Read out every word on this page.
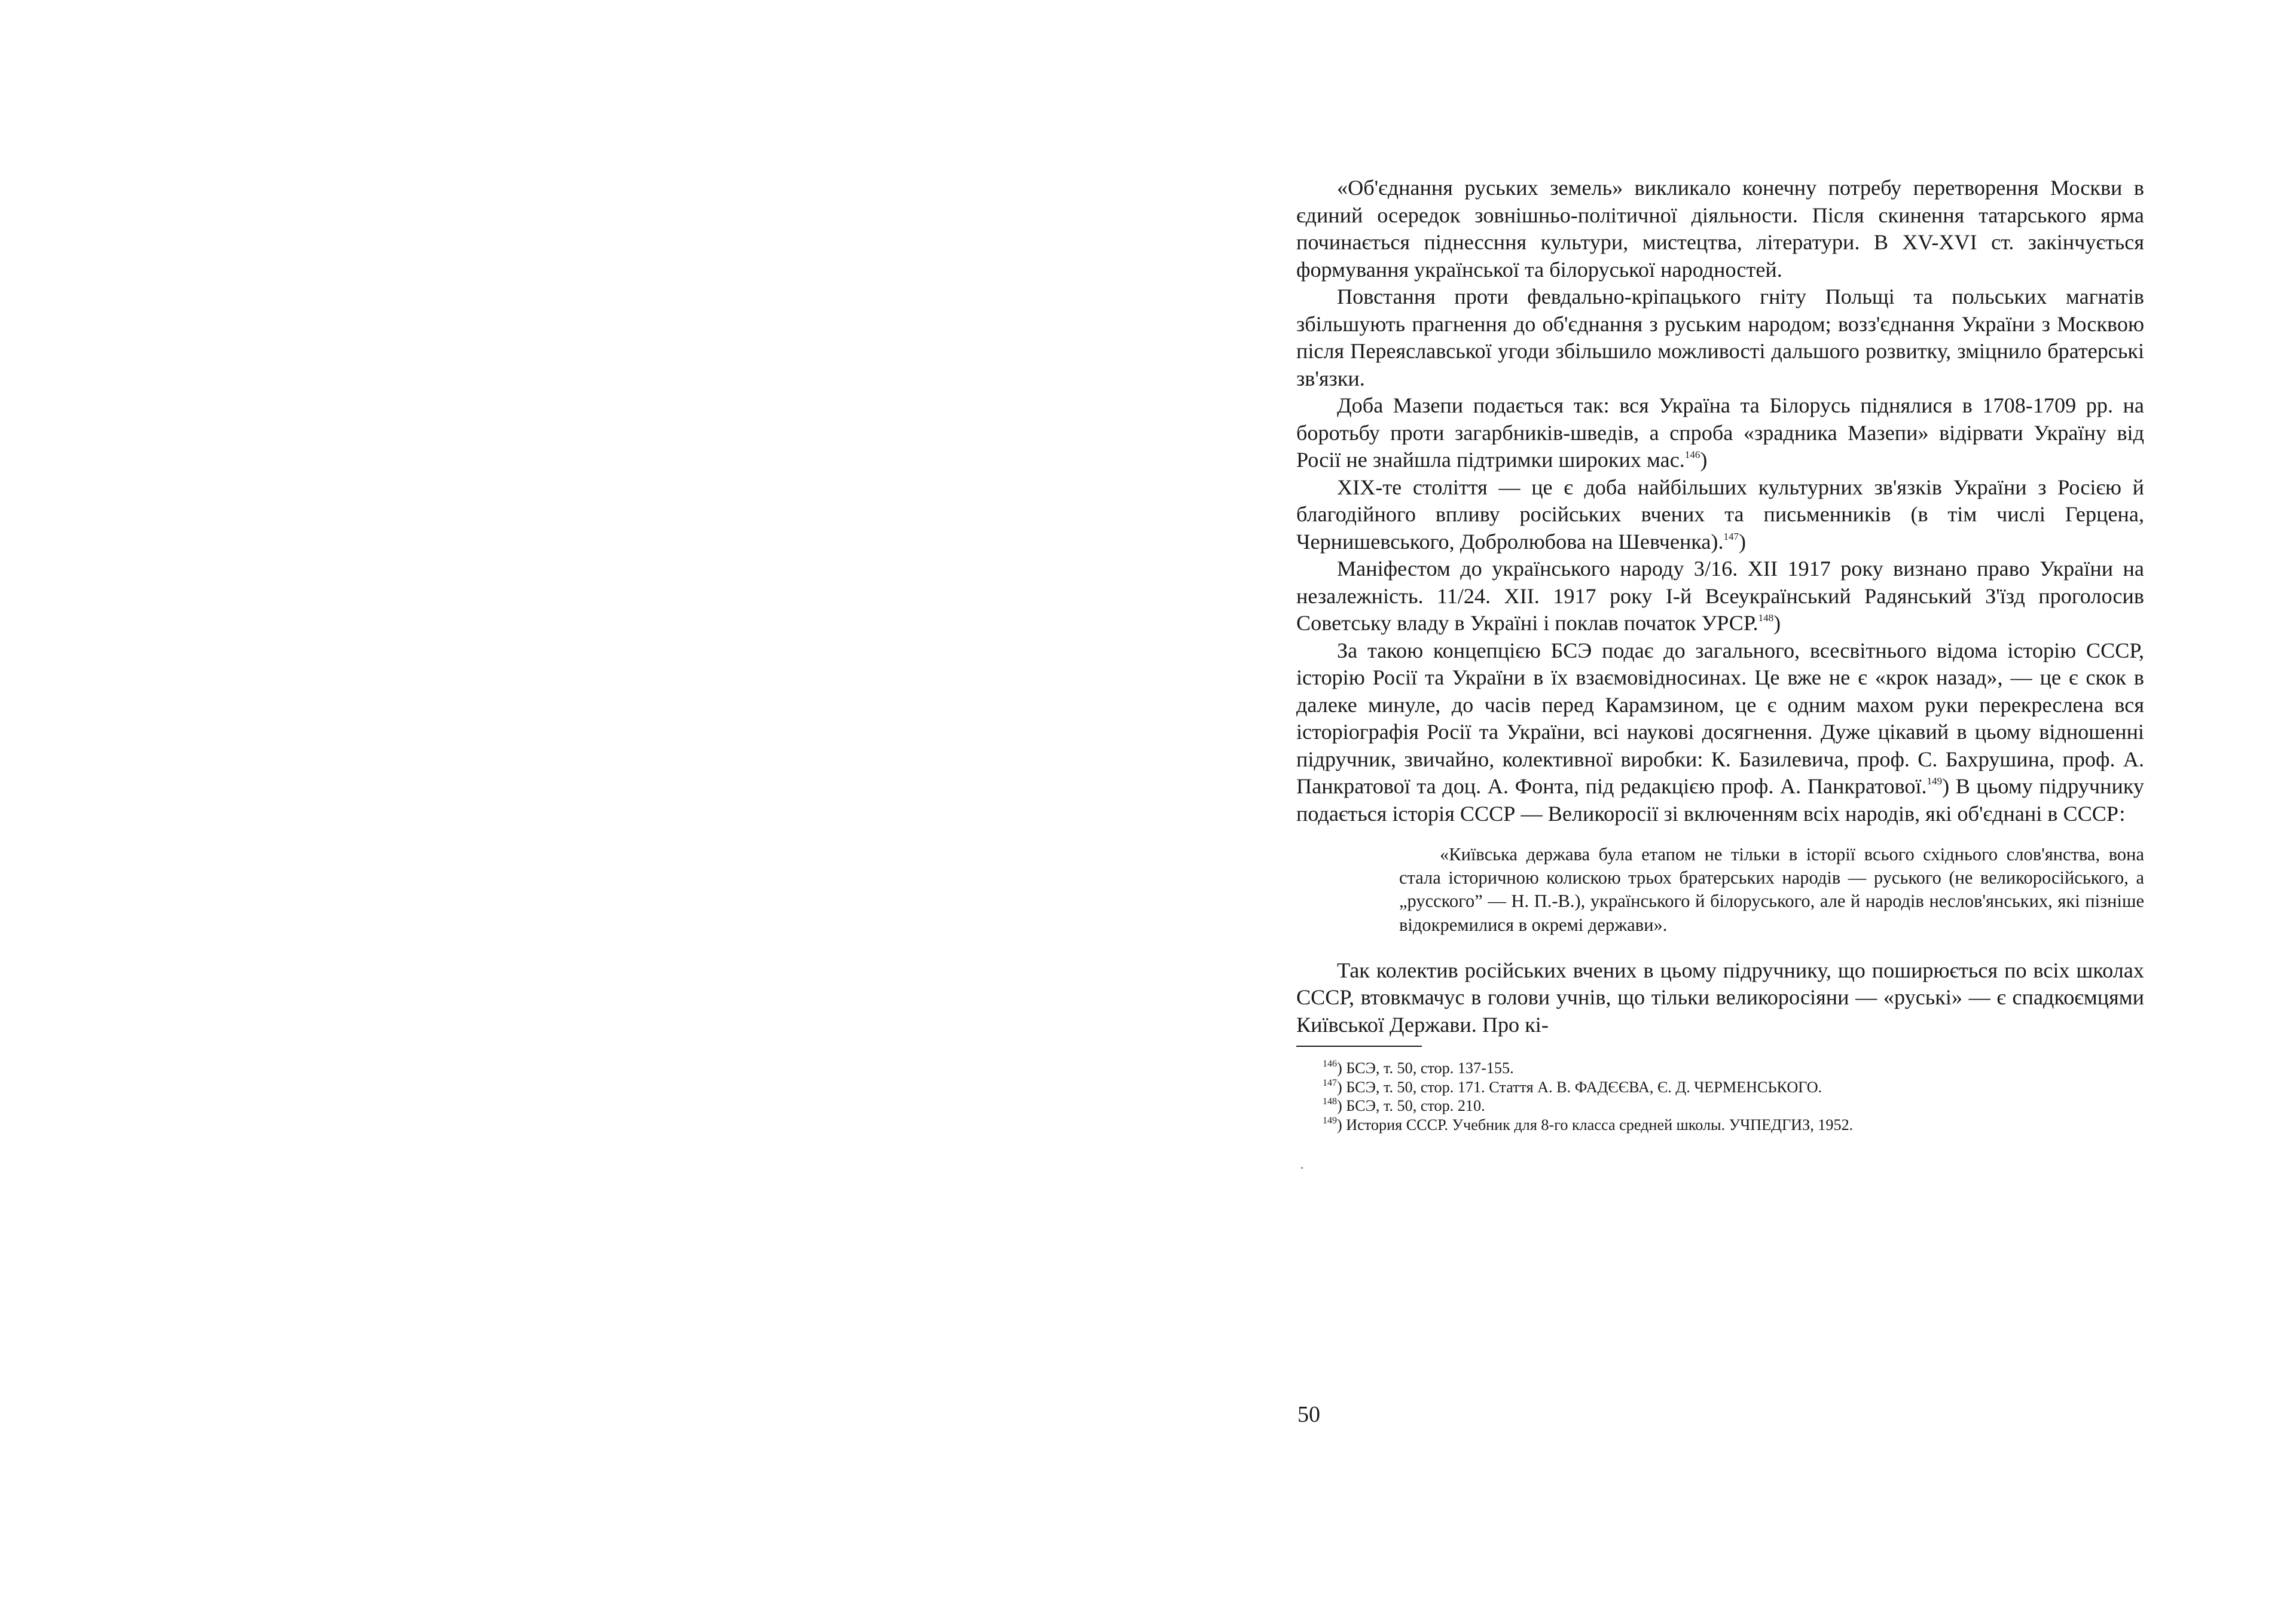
«Об'єднання руських земель» викликало конечну потребу перетворення Москви в єдиний осередок зовнішньо-політичної діяльности. Після скинення татарського ярма починається піднессння культури, мистецтва, літератури. В XV-XVI ст. закінчується формування української та білоруської народностей.

Повстання проти февдально-кріпацького гніту Польщі та польських магнатів збільшують прагнення до об'єднання з руським народом; возз'єднання України з Москвою після Переяславської угоди збільшило можливості дальшого розвитку, зміцнило братерські зв'язки.

Доба Мазепи подається так: вся Україна та Білорусь піднялися в 1708-1709 рр. на боротьбу проти загарбників-шведів, а спроба «зрадника Мазепи» відірвати Україну від Росії не знайшла підтримки широких мас.$^{146}$)

XIX-те століття — це є доба найбільших культурних зв'язків України з Росією й благодійного впливу російських вчених та письменників (в тім числі Герцена, Чернишевського, Добролюбова на Шевченка).$^{147}$)

Маніфестом до українського народу 3/16. XII 1917 року визнано право України на незалежність. 11/24. XII. 1917 року І-й Всеукраїнський Радянський З'їзд проголосив Советську владу в Україні і поклав початок УРСР.$^{148}$)

За такою концепцією БСЭ подає до загального, всесвітнього відома історію СССР, історію Росії та України в їх взаємовідносинах. Це вже не є «крок назад», — це є скок в далеке минуле, до часів перед Карамзином, це є одним махом руки перекреслена вся історіографія Росії та України, всі наукові досягнення. Дуже цікавий в цьому відношенні підручник, звичайно, колективної виробки: К. Базилевича, проф. С. Бахрушина, проф. А. Панкратової та доц. А. Фонта, під редакцією проф. А. Панкратової.$^{149}$) В цьому підручнику подається історія СССР — Великоросії зі включенням всіх народів, які об'єднані в СССР:

«Київська держава була етапом не тільки в історії всього східнього слов'янства, вона стала історичною колискою трьох братерських народів — руського (не великоросійського, а „русского” — Н. П.-В.), українського й білоруського, але й народів неслов'янських, які пізніше відокремилися в окремі держави».

Так колектив російських вчених в цьому підручнику, що поширюється по всіх школах СССР, втовкмачус в голови учнів, що тільки великоросіяни — «руські» — є спадкоємцями Київської Держави. Про кі-

$^{146}$) БСЭ, т. 50, стор. 137-155.

$^{147}$) БСЭ, т. 50, стор. 171. Стаття А. В. ФАДЄЄВА, Є. Д. ЧЕРМЕНСЬКОГО.

$^{148}$) БСЭ, т. 50, стор. 210.

$^{149}$) История СССР. Учебник для 8-го класса средней школы. УЧПЕДГИЗ, 1952.

50
